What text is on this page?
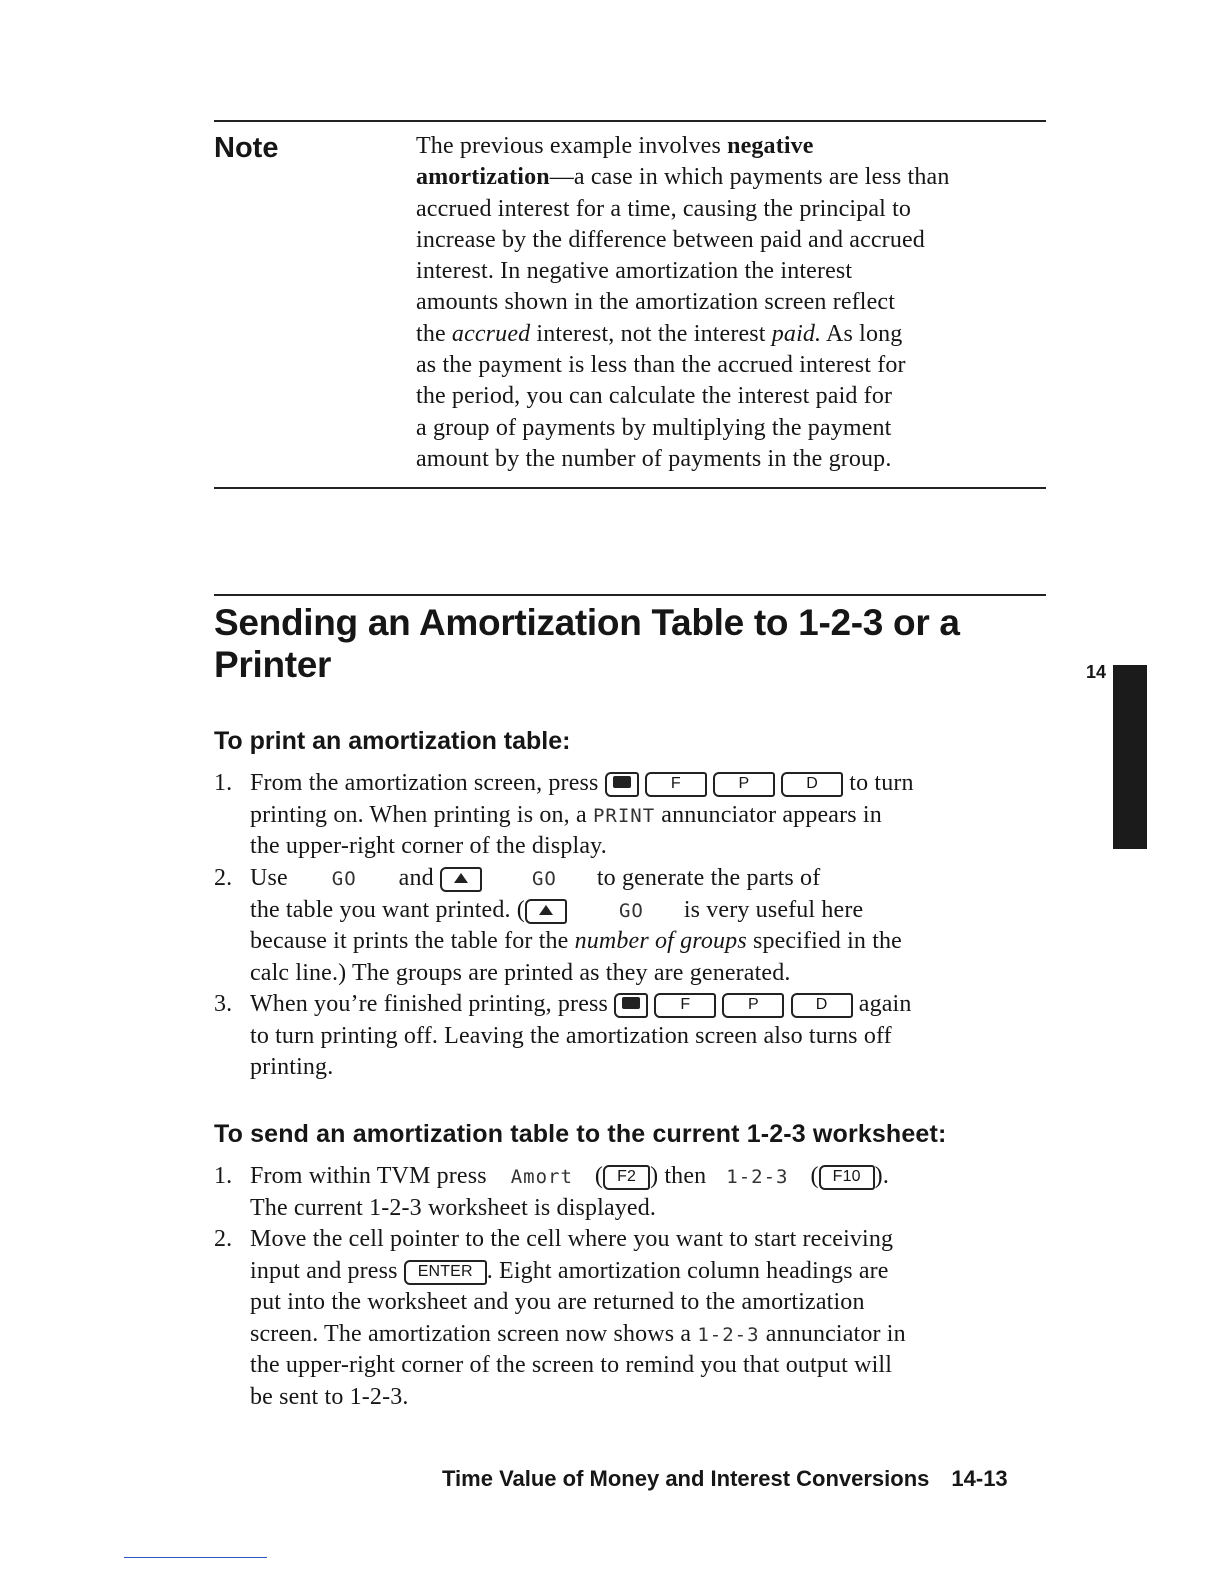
Note	The previous example involves negative
amortization—a case in which payments are less than
accrued interest for a time, causing the principal to
increase by the difference between paid and accrued
interest. In negative amortization the interest
amounts shown in the amortization screen reflect
the accrued interest, not the interest paid. As long
as the payment is less than the accrued interest for
the period, you can calculate the interest paid for
a group of payments by multiplying the payment
amount by the number of payments in the group.
Sending an Amortization Table to 1-2-3 or a
Printer	14
To print an amortization table:
1. From the amortization screen, press	F	P	D to turn
printing on. When printing is on, a PRINT annunciator appears in
the upper-right corner of the display.
2. Use GO and	GO to generate the parts of
the table you want printed. (	GO is very useful here
because it prints the table for the number of groups specified in the
calc line.) The groups are printed as they are generated.
3. When you’re finished printing, press	F	P	D again
to turn printing off. Leaving the amortization screen also turns off
printing.
To send an amortization table to the current 1-2-3 worksheet:
1. From within TVM press Amort ( F2 ) then 1-2-3 ( F10 ).
The current 1-2-3 worksheet is displayed.
2. Move the cell pointer to the cell where you want to start receiving
input and press ENTER . Eight amortization column headings are
put into the worksheet and you are returned to the amortization
screen. The amortization screen now shows a 1-2-3 annunciator in
the upper-right corner of the screen to remind you that output will
be sent to 1-2-3.
Time Value of Money and Interest Conversions 14-13
